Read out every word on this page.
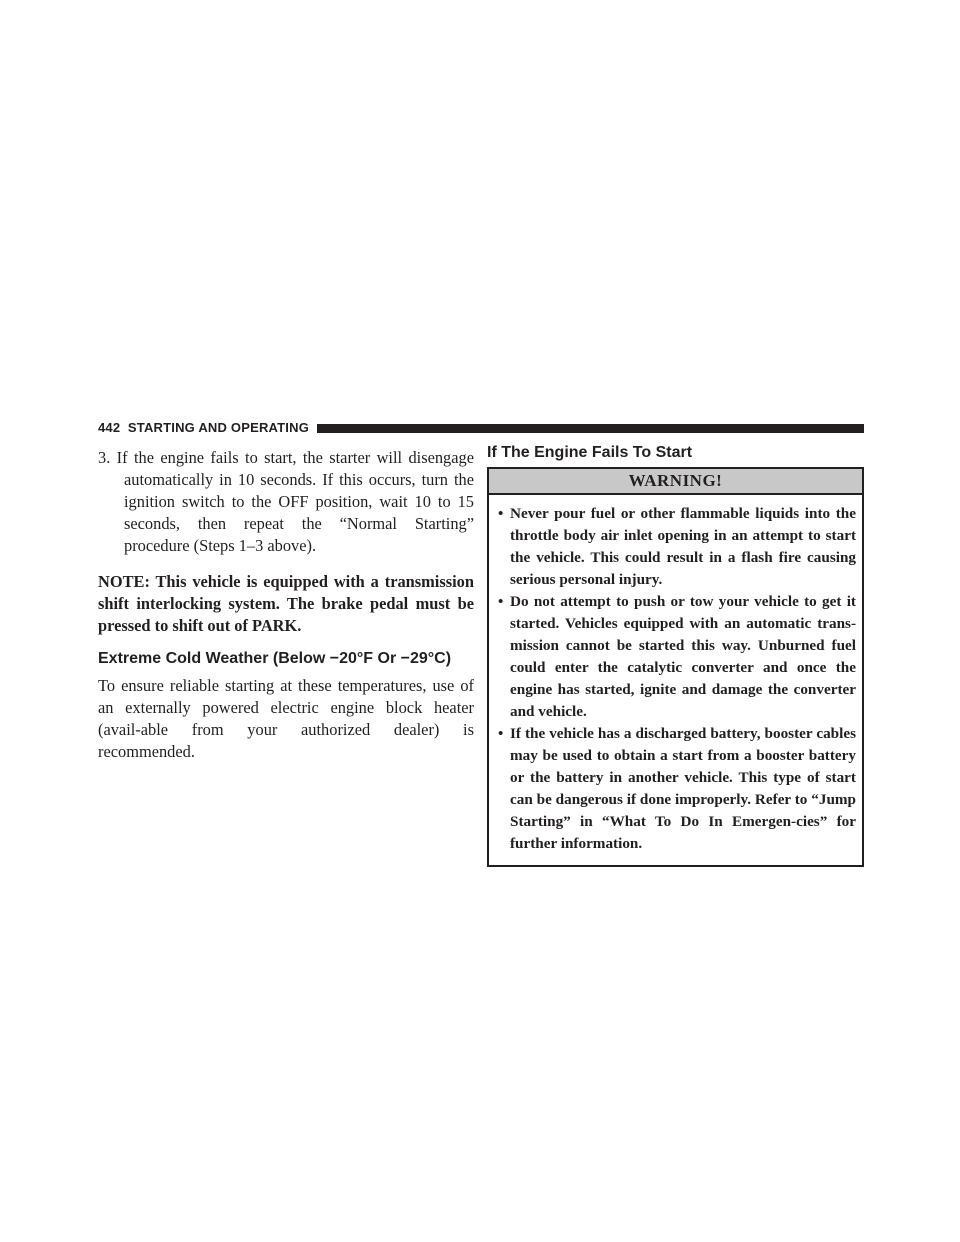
442 STARTING AND OPERATING

3. If the engine fails to start, the starter will disengage automatically in 10 seconds. If this occurs, turn the ignition switch to the OFF position, wait 10 to 15 seconds, then repeat the “Normal Starting” procedure (Steps 1–3 above).

NOTE: This vehicle is equipped with a transmission shift interlocking system. The brake pedal must be pressed to shift out of PARK.

Extreme Cold Weather (Below −20°F Or −29°C)

To ensure reliable starting at these temperatures, use of an externally powered electric engine block heater (avail-able from your authorized dealer) is recommended.

If The Engine Fails To Start
WARNING!
• Never pour fuel or other flammable liquids into the throttle body air inlet opening in an attempt to start the vehicle. This could result in a flash fire causing serious personal injury.
• Do not attempt to push or tow your vehicle to get it started. Vehicles equipped with an automatic trans-mission cannot be started this way. Unburned fuel could enter the catalytic converter and once the engine has started, ignite and damage the converter and vehicle.
• If the vehicle has a discharged battery, booster cables may be used to obtain a start from a booster battery or the battery in another vehicle. This type of start can be dangerous if done improperly. Refer to “Jump Starting” in “What To Do In Emergen-cies” for further information.
